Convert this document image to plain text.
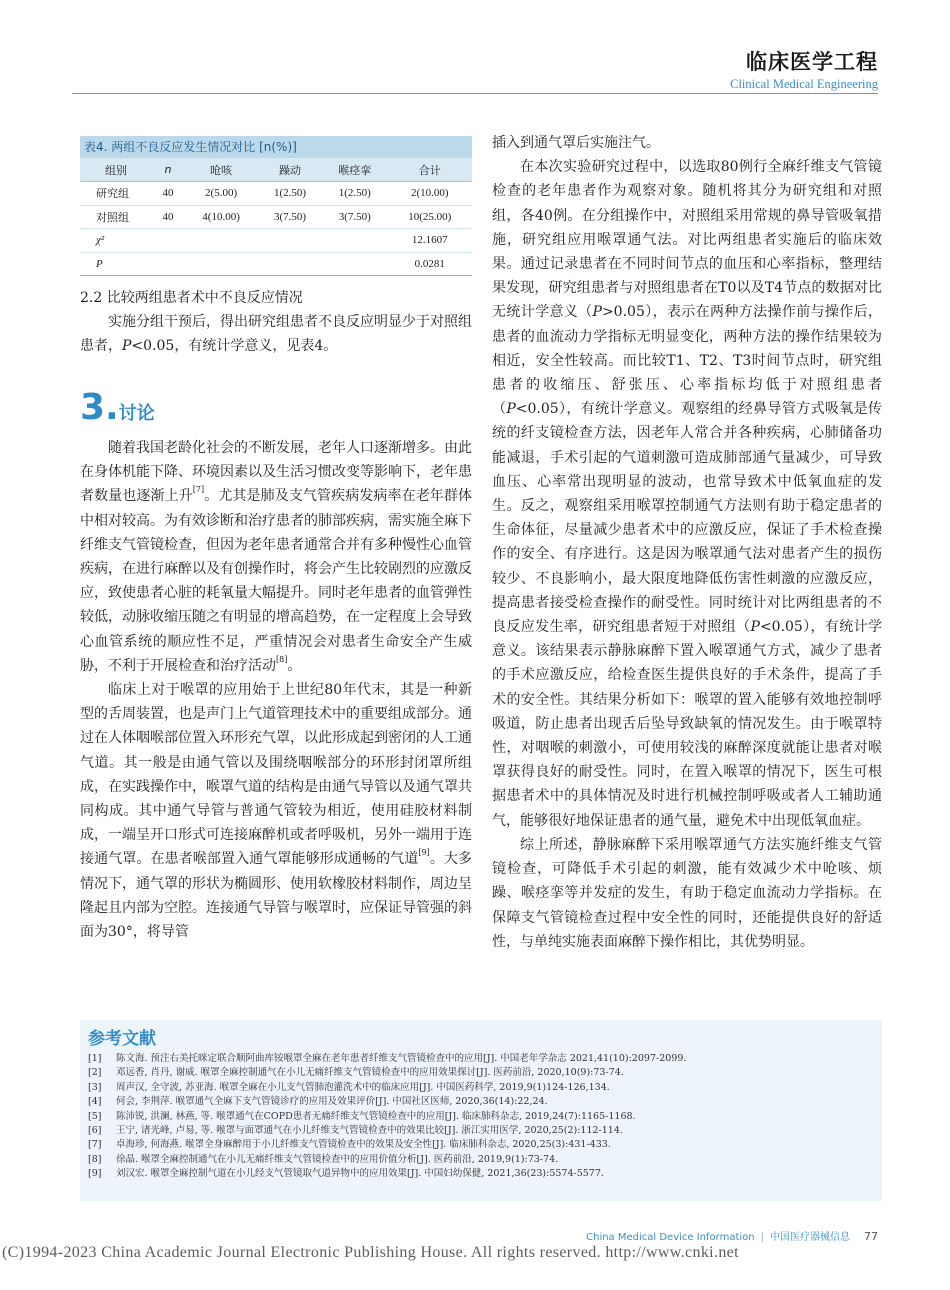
临床医学工程
Clinical Medical Engineering
表4. 两组不良反应发生情况对比 [n(%)]
组别	n	呛咳	躁动	喉痉挛	合计
研究组	40	2(5.00)	1(2.50)	1(2.50)	2(10.00)
对照组	40	4(10.00)	3(7.50)	3(7.50)	10(25.00)
χ²					12.1607
P					0.0281

2.2 比较两组患者术中不良反应情况

实施分组干预后，得出研究组患者不良反应明显少于对照组患者，P<0.05，有统计学意义，见表4。

3.讨论

随着我国老龄化社会的不断发展，老年人口逐渐增多。由此在身体机能下降、环境因素以及生活习惯改变等影响下，老年患者数量也逐渐上升[7]。尤其是肺及支气管疾病发病率在老年群体中相对较高。为有效诊断和治疗患者的肺部疾病，需实施全麻下纤维支气管镜检查，但因为老年患者通常合并有多种慢性心血管疾病，在进行麻醉以及有创操作时，将会产生比较剧烈的应激反应，致使患者心脏的耗氧量大幅提升。同时老年患者的血管弹性较低，动脉收缩压随之有明显的增高趋势，在一定程度上会导致心血管系统的顺应性不足，严重情况会对患者生命安全产生威胁，不利于开展检查和治疗活动[8]。

临床上对于喉罩的应用始于上世纪80年代末，其是一种新型的舌周装置，也是声门上气道管理技术中的重要组成部分。通过在人体咽喉部位置入环形充气罩，以此形成起到密闭的人工通气道。其一般是由通气管以及围绕咽喉部分的环形封闭罩所组成，在实践操作中，喉罩气道的结构是由通气导管以及通气罩共同构成。其中通气导管与普通气管较为相近，使用硅胶材料制成，一端呈开口形式可连接麻醉机或者呼吸机，另外一端用于连接通气罩。在患者喉部置入通气罩能够形成通畅的气道[9]。大多情况下，通气罩的形状为椭圆形、使用软橡胶材料制作，周边呈隆起且内部为空腔。连接通气导管与喉罩时，应保证导管强的斜面为30°，将导管

插入到通气罩后实施注气。

在本次实验研究过程中，以选取80例行全麻纤维支气管镜检查的老年患者作为观察对象。随机将其分为研究组和对照组，各40例。在分组操作中，对照组采用常规的鼻导管吸氧措施，研究组应用喉罩通气法。对比两组患者实施后的临床效果。通过记录患者在不同时间节点的血压和心率指标，整理结果发现，研究组患者与对照组患者在T0以及T4节点的数据对比无统计学意义（P>0.05），表示在两种方法操作前与操作后，患者的血流动力学指标无明显变化，两种方法的操作结果较为相近，安全性较高。而比较T1、T2、T3时间节点时，研究组患者的收缩压、舒张压、心率指标均低于对照组患者（P<0.05），有统计学意义。观察组的经鼻导管方式吸氧是传统的纤支镜检查方法，因老年人常合并各种疾病，心肺储备功能减退，手术引起的气道刺激可造成肺部通气量减少，可导致血压、心率常出现明显的波动，也常导致术中低氧血症的发生。反之，观察组采用喉罩控制通气方法则有助于稳定患者的生命体征，尽量减少患者术中的应激反应，保证了手术检查操作的安全、有序进行。这是因为喉罩通气法对患者产生的损伤较少、不良影响小，最大限度地降低伤害性刺激的应激反应，提高患者接受检查操作的耐受性。同时统计对比两组患者的不良反应发生率，研究组患者短于对照组（P<0.05），有统计学意义。该结果表示静脉麻醉下置入喉罩通气方式，减少了患者的手术应激反应，给检查医生提供良好的手术条件，提高了手术的安全性。其结果分析如下：喉罩的置入能够有效地控制呼吸道，防止患者出现舌后坠导致缺氧的情况发生。由于喉罩特性，对咽喉的刺激小，可使用较浅的麻醉深度就能让患者对喉罩获得良好的耐受性。同时，在置入喉罩的情况下，医生可根据患者术中的具体情况及时进行机械控制呼吸或者人工辅助通气，能够很好地保证患者的通气量，避免术中出现低氧血症。

综上所述，静脉麻醉下采用喉罩通气方法实施纤维支气管镜检查，可降低手术引起的刺激，能有效减少术中呛咳、烦躁、喉痉挛等并发症的发生，有助于稳定血流动力学指标。在保障支气管镜检查过程中安全性的同时，还能提供良好的舒适性，与单纯实施表面麻醉下操作相比，其优势明显。

参考文献
[1]	陈文海. 预注右美托咪定联合顺阿曲库铵喉罩全麻在老年患者纤维支气管镜检查中的应用[J]. 中国老年学杂志 2021,41(10):2097-2099.
[2]	邓远香, 肖丹, 谢威. 喉罩全麻控制通气在小儿无痛纤维支气管镜检查中的应用效果探讨[J]. 医药前沿, 2020,10(9):73-74.
[3]	周声汉, 全守波, 苏亚海. 喉罩全麻在小儿支气管肺泡灌洗术中的临床应用[J]. 中国医药科学, 2019,9(1)124-126,134.
[4]	何会, 李荆萍. 喉罩通气全麻下支气管镜诊疗的应用及效果评价[J]. 中国社区医师, 2020,36(14):22,24.
[5]	陈沛锐, 洪澜, 林燕, 等. 喉罩通气在COPD患者无痛纤维支气管镜检查中的应用[J]. 临床肺科杂志, 2019,24(7):1165-1168.
[6]	王宁, 诸光峰, 卢易, 等. 喉罩与面罩通气在小儿纤维支气管镜检查中的效果比较[J]. 浙江实用医学, 2020,25(2):112-114.
[7]	卓海珍, 何海燕. 喉罩全身麻醉用于小儿纤维支气管镜检查中的效果及安全性[J]. 临床肺科杂志, 2020,25(3):431-433.
[8]	徐晶. 喉罩全麻控制通气在小儿无痛纤维支气管镜检查中的应用价值分析[J]. 医药前沿, 2019,9(1):73-74.
[9]	刘汉宏. 喉罩全麻控制气道在小儿经支气管镜取气道异物中的应用效果[J]. 中国妇幼保健, 2021,36(23):5574-5577.
China Medical Device Information | 中国医疗器械信息 77
(C)1994-2023 China Academic Journal Electronic Publishing House. All rights reserved. http://www.cnki.net
